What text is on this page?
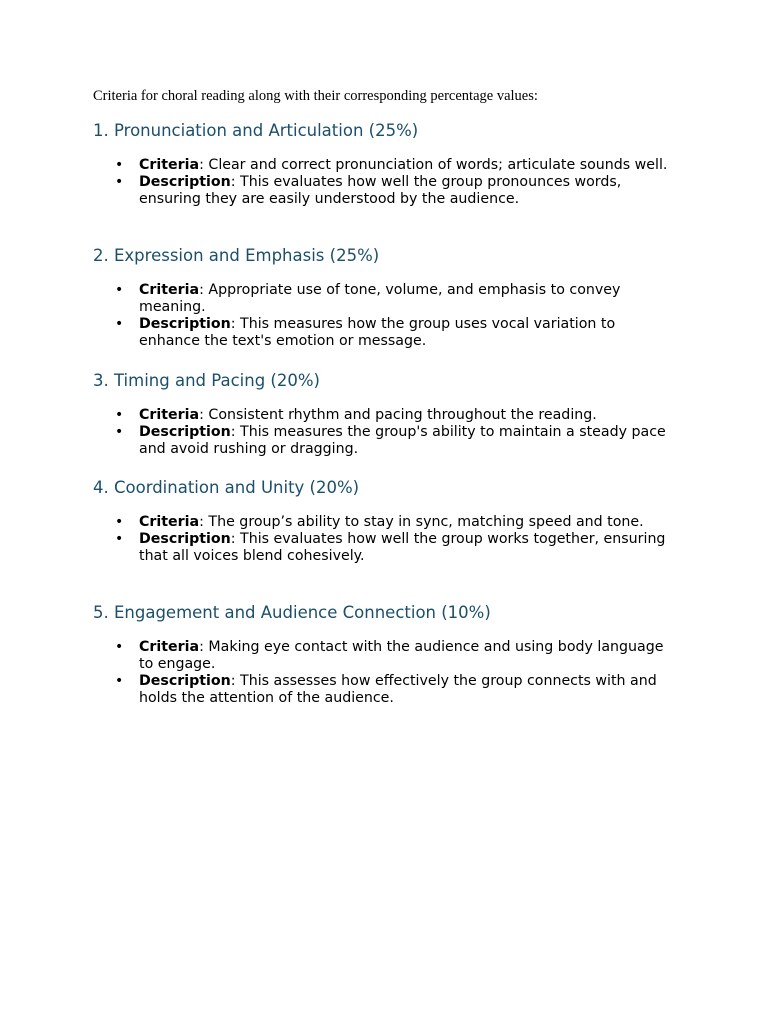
Criteria for choral reading along with their corresponding percentage values:

1. Pronunciation and Articulation (25%)
• Criteria: Clear and correct pronunciation of words; articulate sounds well.
• Description: This evaluates how well the group pronounces words, ensuring they are easily understood by the audience.
2. Expression and Emphasis (25%)
• Criteria: Appropriate use of tone, volume, and emphasis to convey meaning.
• Description: This measures how the group uses vocal variation to enhance the text's emotion or message.
3. Timing and Pacing (20%)
• Criteria: Consistent rhythm and pacing throughout the reading.
• Description: This measures the group's ability to maintain a steady pace and avoid rushing or dragging.
4. Coordination and Unity (20%)
• Criteria: The group’s ability to stay in sync, matching speed and tone.
• Description: This evaluates how well the group works together, ensuring that all voices blend cohesively.
5. Engagement and Audience Connection (10%)
• Criteria: Making eye contact with the audience and using body language to engage.
• Description: This assesses how effectively the group connects with and holds the attention of the audience.
